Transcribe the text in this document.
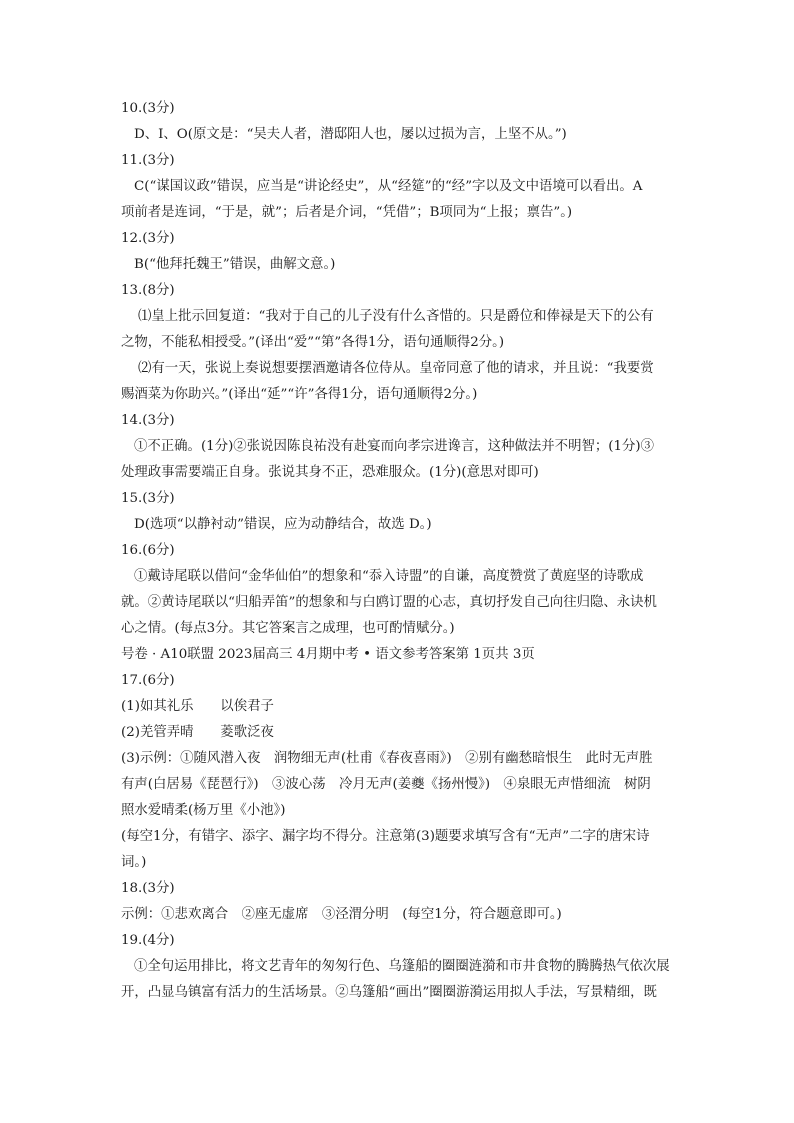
10.(3分)
D、I、O(原文是：“吴夫人者，潜邸阳人也，屡以过损为言，上坚不从。”)
11.(3分)
C(“谋国议政”错误，应当是“讲论经史”，从“经筵”的“经”字以及文中语境可以看出。A
项前者是连词，“于是，就”；后者是介词，“凭借”；B项同为“上报；禀告”。)
12.(3分)
B(“他拜托魏王”错误，曲解文意。)
13.(8分)
⑴皇上批示回复道：“我对于自己的儿子没有什么吝惜的。只是爵位和俸禄是天下的公有
之物，不能私相授受。”(译出“爱”“第”各得1分，语句通顺得2分。)
⑵有一天，张说上奏说想要摆酒邀请各位侍从。皇帝同意了他的请求，并且说：“我要赏
赐酒菜为你助兴。”(译出“延”“许”各得1分，语句通顺得2分。)
14.(3分)
①不正确。(1分)②张说因陈良祐没有赴宴而向孝宗进谗言，这种做法并不明智；(1分)③
处理政事需要端正自身。张说其身不正，恐难服众。(1分)(意思对即可)
15.(3分)
D(选项“以静衬动”错误，应为动静结合，故选 D。)
16.(6分)
①戴诗尾联以借问“金华仙伯”的想象和“忝入诗盟”的自谦，高度赞赏了黄庭坚的诗歌成
就。②黄诗尾联以“归船弄笛”的想象和与白鸥订盟的心志，真切抒发自己向往归隐、永诀机
心之情。(每点3分。其它答案言之成理，也可酌情赋分。)
号卷 · A10联盟 2023届高三 4月期中考 • 语文参考答案第 1页共 3页
17.(6分)
(1)如其礼乐　　以俟君子
(2)羌管弄晴　　菱歌泛夜
(3)示例：①随风潜入夜　润物细无声(杜甫《春夜喜雨》)　②别有幽愁暗恨生　此时无声胜
有声(白居易《琵琶行》)　③波心荡　冷月无声(姜夔《扬州慢》)　④泉眼无声惜细流　树阴
照水爱晴柔(杨万里《小池》)
(每空1分，有错字、添字、漏字均不得分。注意第(3)题要求填写含有“无声”二字的唐宋诗
词。)
18.(3分)
示例：①悲欢离合　②座无虚席　③泾渭分明　(每空1分，符合题意即可。)
19.(4分)
①全句运用排比，将文艺青年的匆匆行色、乌篷船的圈圈涟漪和市井食物的腾腾热气依次展
开，凸显乌镇富有活力的生活场景。②乌篷船“画出”圈圈游漪运用拟人手法，写景精细，既
